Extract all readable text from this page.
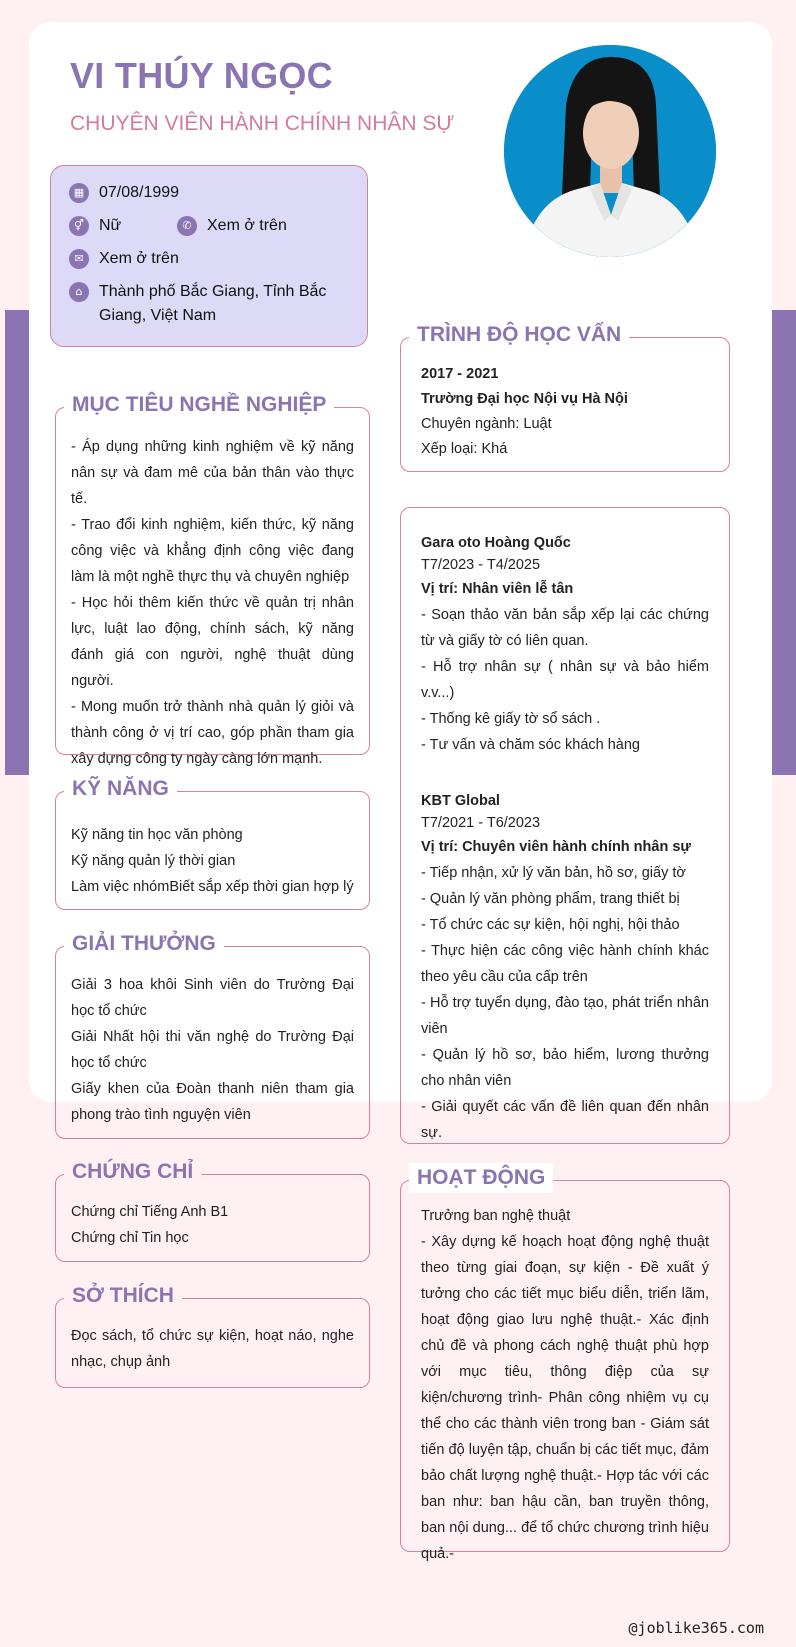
VI THÚY NGỌC
CHUYÊN VIÊN HÀNH CHÍNH NHÂN SỰ
▦ 07/08/1999
⚥ Nữ	✆ Xem ở trên
✉ Xem ở trên
⌂	Thành phố Bắc Giang, Tỉnh Bắc Giang, Việt Nam
MỤC TIÊU NGHỀ NGHIỆP

- Áp dụng những kinh nghiệm về kỹ năng nân sự và đam mê của bản thân vào thực tế.

- Trao đổi kinh nghiệm, kiến thức, kỹ năng công việc và khẳng định công việc đang làm là một nghề thực thụ và chuyên nghiệp

- Học hỏi thêm kiến thức về quản trị nhân lực, luật lao động, chính sách, kỹ năng đánh giá con người, nghệ thuật dùng người.

- Mong muốn trở thành nhà quản lý giỏi và thành công ở vị trí cao, góp phần tham gia xây dựng công ty ngày càng lớn mạnh.

KỸ NĂNG

Kỹ năng tin học văn phòng

Kỹ năng quản lý thời gian

Làm việc nhómBiết sắp xếp thời gian hợp lý

GIẢI THƯỞNG

Giải 3 hoa khôi Sinh viên do Trường Đại học tổ chức

Giải Nhất hội thi văn nghệ do Trường Đại học tổ chức

Giấy khen của Đoàn thanh niên tham gia phong trào tình nguyện viên

CHỨNG CHỈ

Chứng chỉ Tiếng Anh B1

Chứng chỉ Tin học

SỞ THÍCH
Đọc sách, tổ chức sự kiện, hoạt náo, nghe nhạc, chụp ảnh
TRÌNH ĐỘ HỌC VẤN

2017 - 2021

Trường Đại học Nội vụ Hà Nội

Chuyên ngành: Luật

Xếp loại: Khá

Gara oto Hoàng Quốc

T7/2023 - T4/2025

Vị trí: Nhân viên lễ tân

- Soạn thảo văn bản sắp xếp lại các chứng từ và giấy tờ có liên quan.

- Hỗ trợ nhân sự ( nhân sự và bảo hiểm v.v...)

- Thống kê giấy tờ sổ sách .

- Tư vấn và chăm sóc khách hàng

KBT Global

T7/2021 - T6/2023

Vị trí: Chuyên viên hành chính nhân sự

- Tiếp nhận, xử lý văn bản, hồ sơ, giấy tờ

- Quản lý văn phòng phẩm, trang thiết bị

- Tổ chức các sự kiện, hội nghị, hội thảo

- Thực hiện các công việc hành chính khác theo yêu cầu của cấp trên

- Hỗ trợ tuyển dụng, đào tạo, phát triển nhân viên

- Quản lý hồ sơ, bảo hiểm, lương thưởng cho nhân viên

- Giải quyết các vấn đề liên quan đến nhân sự.

HOẠT ĐỘNG

Trưởng ban nghệ thuật

- Xây dựng kế hoạch hoạt động nghệ thuật theo từng giai đoạn, sự kiện - Đề xuất ý tưởng cho các tiết mục biểu diễn, triển lãm, hoạt động giao lưu nghệ thuật.- Xác định chủ đề và phong cách nghệ thuật phù hợp với mục tiêu, thông điệp của sự kiện/chương trình- Phân công nhiệm vụ cụ thể cho các thành viên trong ban - Giám sát tiến độ luyện tập, chuẩn bị các tiết mục, đảm bảo chất lượng nghệ thuật.- Hợp tác với các ban như: ban hậu cần, ban truyền thông, ban nội dung... để tổ chức chương trình hiệu quả.-

@joblike365.com
